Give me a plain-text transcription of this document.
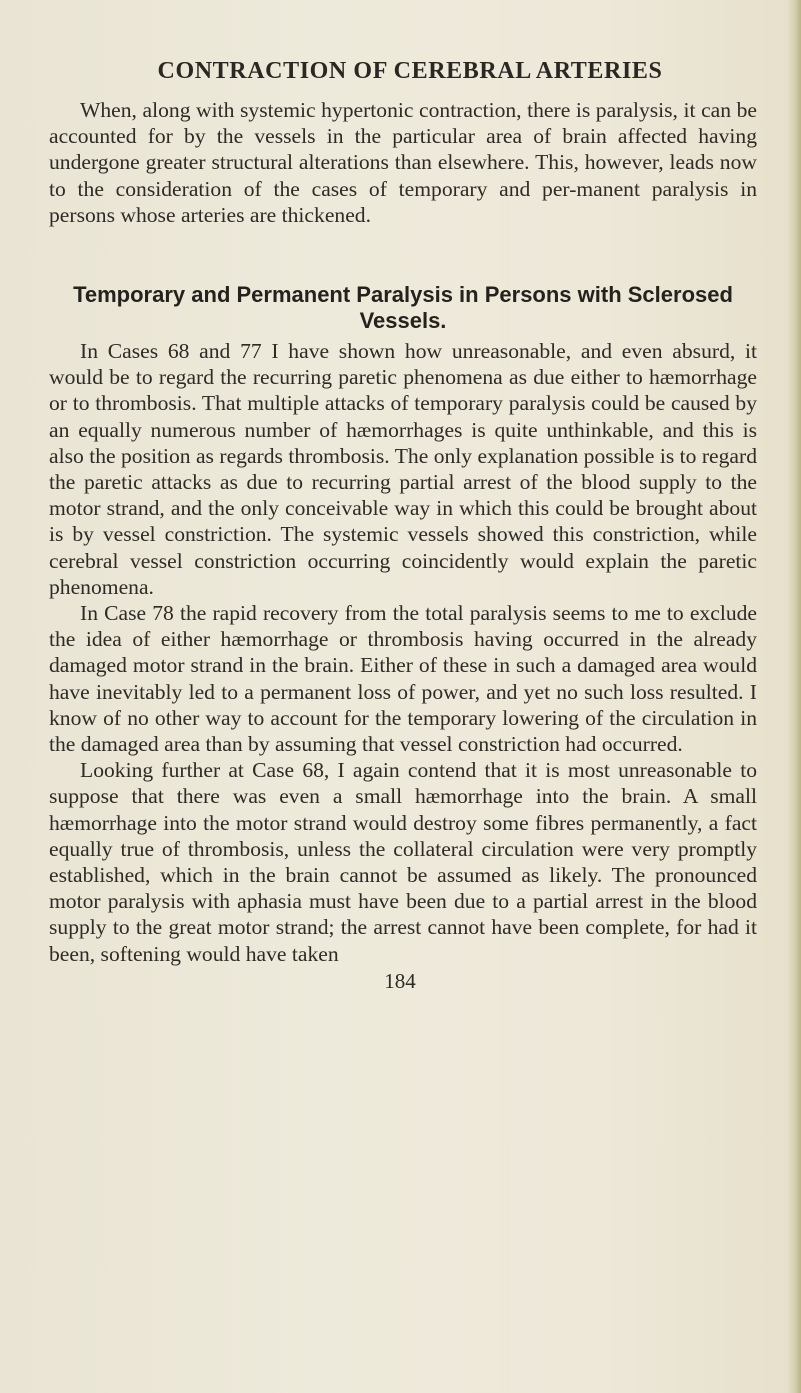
CONTRACTION OF CEREBRAL ARTERIES

When, along with systemic hypertonic contraction, there is paralysis, it can be accounted for by the vessels in the particular area of brain affected having undergone greater structural alterations than elsewhere. This, however, leads now to the consideration of the cases of temporary and per-manent paralysis in persons whose arteries are thickened.

Temporary and Permanent Paralysis in Persons with Sclerosed Vessels.

In Cases 68 and 77 I have shown how unreasonable, and even absurd, it would be to regard the recurring paretic phenomena as due either to hæmorrhage or to thrombosis. That multiple attacks of temporary paralysis could be caused by an equally numerous number of hæmorrhages is quite unthinkable, and this is also the position as regards thrombosis. The only explanation possible is to regard the paretic attacks as due to recurring partial arrest of the blood supply to the motor strand, and the only conceivable way in which this could be brought about is by vessel constriction. The systemic vessels showed this constriction, while cerebral vessel constriction occurring coincidently would explain the paretic phenomena.

In Case 78 the rapid recovery from the total paralysis seems to me to exclude the idea of either hæmorrhage or thrombosis having occurred in the already damaged motor strand in the brain. Either of these in such a damaged area would have inevitably led to a permanent loss of power, and yet no such loss resulted. I know of no other way to account for the temporary lowering of the circulation in the damaged area than by assuming that vessel constriction had occurred.

Looking further at Case 68, I again contend that it is most unreasonable to suppose that there was even a small hæmorrhage into the brain. A small hæmorrhage into the motor strand would destroy some fibres permanently, a fact equally true of thrombosis, unless the collateral circulation were very promptly established, which in the brain cannot be assumed as likely. The pronounced motor paralysis with aphasia must have been due to a partial arrest in the blood supply to the great motor strand; the arrest cannot have been complete, for had it been, softening would have taken

184
